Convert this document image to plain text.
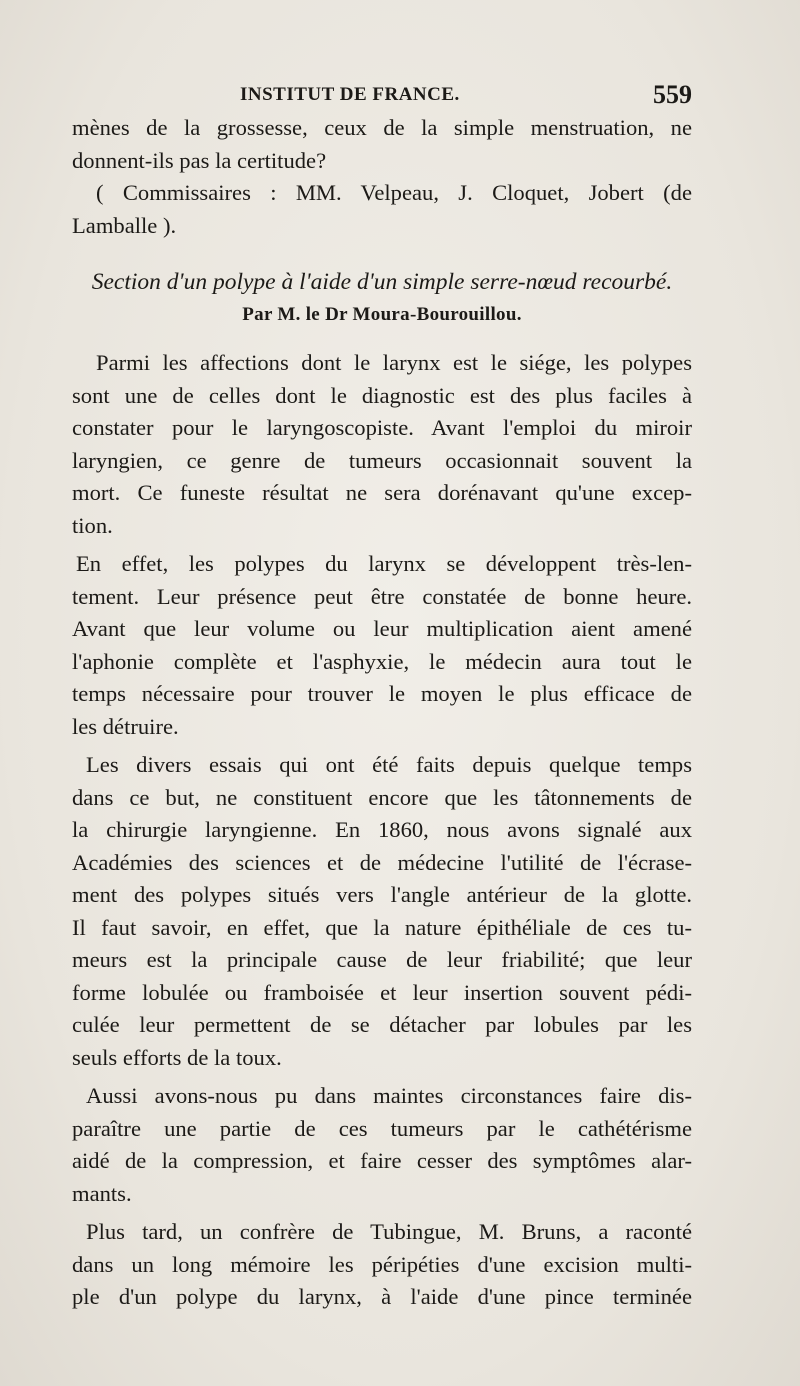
INSTITUT DE FRANCE.	559

mènes de la grossesse, ceux de la simple menstruation, ne
donnent-ils pas la certitude?

( Commissaires : MM. Velpeau, J. Cloquet, Jobert (de

Lamballe ).

Section d'un polype à l'aide d'un simple serre-nœud recourbé.

Par M. le Dr Moura-Bourouillou.

Parmi les affections dont le larynx est le siége, les polypes
sont une de celles dont le diagnostic est des plus faciles à
constater pour le laryngoscopiste. Avant l'emploi du miroir
laryngien, ce genre de tumeurs occasionnait souvent la
mort. Ce funeste résultat ne sera dorénavant qu'une excep-
tion.

En effet, les polypes du larynx se développent très-len-
tement. Leur présence peut être constatée de bonne heure.
Avant que leur volume ou leur multiplication aient amené
l'aphonie complète et l'asphyxie, le médecin aura tout le
temps nécessaire pour trouver le moyen le plus efficace de
les détruire.

Les divers essais qui ont été faits depuis quelque temps
dans ce but, ne constituent encore que les tâtonnements de
la chirurgie laryngienne. En 1860, nous avons signalé aux
Académies des sciences et de médecine l'utilité de l'écrase-
ment des polypes situés vers l'angle antérieur de la glotte.
Il faut savoir, en effet, que la nature épithéliale de ces tu-
meurs est la principale cause de leur friabilité; que leur
forme lobulée ou framboisée et leur insertion souvent pédi-
culée leur permettent de se détacher par lobules par les
seuls efforts de la toux.

Aussi avons-nous pu dans maintes circonstances faire dis-
paraître une partie de ces tumeurs par le cathétérisme
aidé de la compression, et faire cesser des symptômes alar-
mants.

Plus tard, un confrère de Tubingue, M. Bruns, a raconté
dans un long mémoire les péripéties d'une excision multi-
ple d'un polype du larynx, à l'aide d'une pince terminée
